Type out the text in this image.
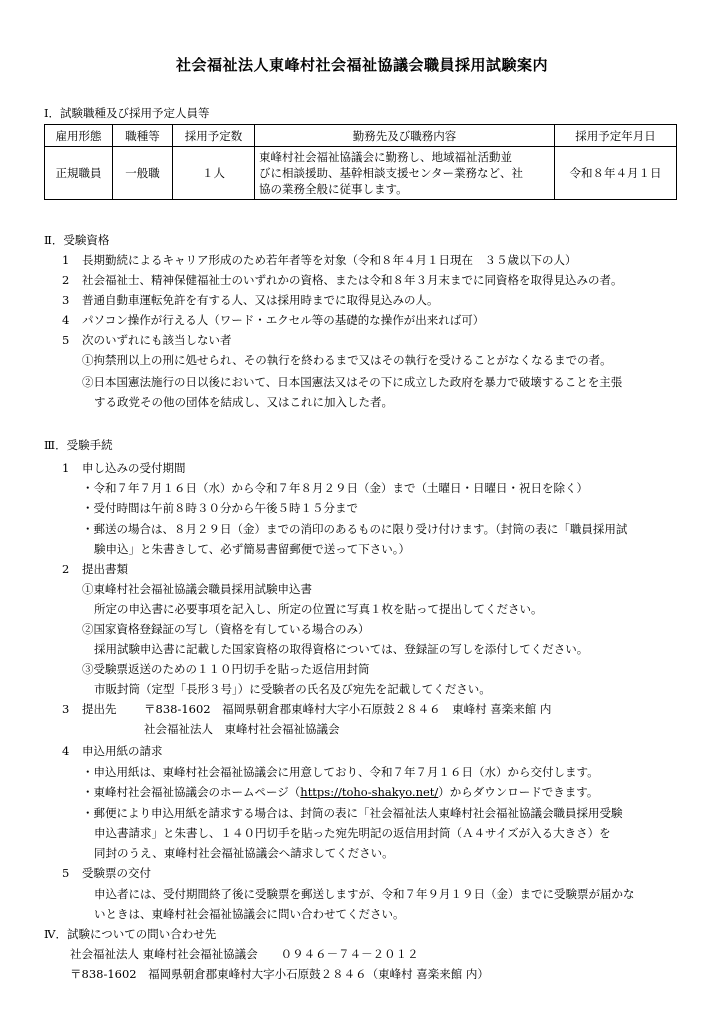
社会福祉法人東峰村社会福祉協議会職員採用試験案内
Ⅰ．試験職種及び採用予定人員等
雇用形態	職種等	採用予定数	勤務先及び職務内容	採用予定年月日
正規職員	一般職	１人	東峰村社会福祉協議会に勤務し、地域福祉活動並
びに相談援助、基幹相談支援センター業務など、社
協の業務全般に従事します。	令和８年４月１日
Ⅱ．受験資格
1 長期勤続によるキャリア形成のため若年者等を対象（令和８年４月１日現在　３５歳以下の人）
2 社会福祉士、精神保健福祉士のいずれかの資格、または令和８年３月末までに同資格を取得見込みの者。
3 普通自動車運転免許を有する人、又は採用時までに取得見込みの人。
4 パソコン操作が行える人（ワード・エクセル等の基礎的な操作が出来れば可）
5 次のいずれにも該当しない者
①拘禁刑以上の刑に処せられ、その執行を終わるまで又はその執行を受けることがなくなるまでの者。
②日本国憲法施行の日以後において、日本国憲法又はその下に成立した政府を暴力で破壊することを主張
する政党その他の団体を結成し、又はこれに加入した者。
Ⅲ．受験手続
1 申し込みの受付期間
・令和７年７月１６日（水）から令和７年８月２９日（金）まで（土曜日・日曜日・祝日を除く）
・受付時間は午前８時３０分から午後５時１５分まで
・郵送の場合は、８月２９日（金）までの消印のあるものに限り受け付けます。（封筒の表に「職員採用試
験申込」と朱書きして、必ず簡易書留郵便で送って下さい。）
2 提出書類
①東峰村社会福祉協議会職員採用試験申込書
所定の申込書に必要事項を記入し、所定の位置に写真１枚を貼って提出してください。
②国家資格登録証の写し（資格を有している場合のみ）
採用試験申込書に記載した国家資格の取得資格については、登録証の写しを添付してください。
③受験票返送のための１１０円切手を貼った返信用封筒
市販封筒（定型「長形３号」）に受験者の氏名及び宛先を記載してください。
3 提出先 〒838-1602　福岡県朝倉郡東峰村大字小石原鼓２８４６　東峰村 喜楽来館 内
社会福祉法人　東峰村社会福祉協議会
4 申込用紙の請求
・申込用紙は、東峰村社会福祉協議会に用意しており、令和７年７月１６日（水）から交付します。
・東峰村社会福祉協議会のホームページ（https://toho-shakyo.net/）からダウンロードできます。
・郵便により申込用紙を請求する場合は、封筒の表に「社会福祉法人東峰村社会福祉協議会職員採用受験
申込書請求」と朱書し、１４０円切手を貼った宛先明記の返信用封筒（Ａ４サイズが入る大きさ）を
同封のうえ、東峰村社会福祉協議会へ請求してください。
5 受験票の交付
申込者には、受付期間終了後に受験票を郵送しますが、令和７年９月１９日（金）までに受験票が届かな
いときは、東峰村社会福祉協議会に問い合わせてください。
Ⅳ．試験についての問い合わせ先
社会福祉法人 東峰村社会福祉協議会　　０９４６－７４－２０１２
〒838-1602　福岡県朝倉郡東峰村大字小石原鼓２８４６（東峰村 喜楽来館 内）
